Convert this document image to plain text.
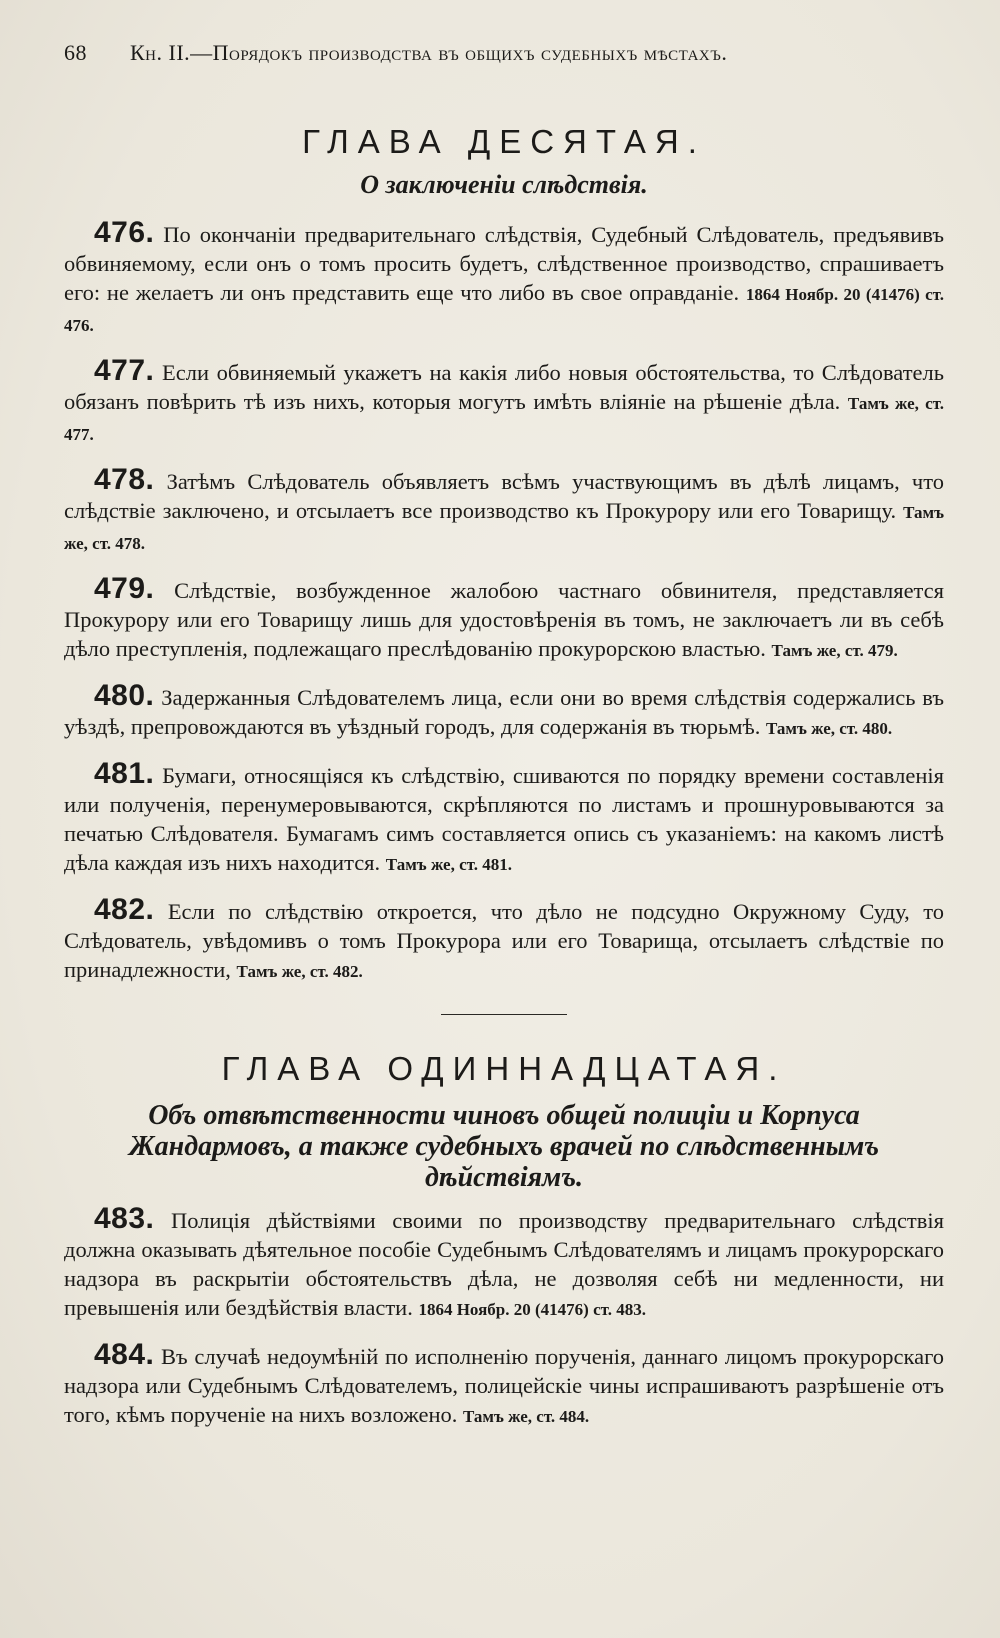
68	Кн. II.—Порядокъ производства въ общихъ судебныхъ мѣстахъ.
ГЛАВА ДЕСЯТАЯ.
О заключенiи слѣдствiя.

476. По окончанiи предварительнаго слѣдствiя, Судебный Слѣдователь, предъявивъ обвиняемому, если онъ о томъ просить будетъ, слѣдственное производство, спрашиваетъ его: не желаетъ ли онъ представить еще что либо въ свое оправданiе. 1864 Ноябр. 20 (41476) ст. 476.

477. Если обвиняемый укажетъ на какiя либо новыя обстоятельства, то Слѣдователь обязанъ повѣрить тѣ изъ нихъ, которыя могутъ имѣть влiянiе на рѣшенiе дѣла. Тамъ же, ст. 477.

478. Затѣмъ Слѣдователь объявляетъ всѣмъ участвующимъ въ дѣлѣ лицамъ, что слѣдствiе заключено, и отсылаетъ все производство къ Прокурору или его Товарищу. Тамъ же, ст. 478.

479. Слѣдствiе, возбужденное жалобою частнаго обвинителя, представляется Прокурору или его Товарищу лишь для удостовѣренiя въ томъ, не заключаетъ ли въ себѣ дѣло преступленiя, подлежащаго преслѣдованiю прокурорскою властью. Тамъ же, ст. 479.

480. Задержанныя Слѣдователемъ лица, если они во время слѣдствiя содержались въ уѣздѣ, препровождаются въ уѣздный городъ, для содержанiя въ тюрьмѣ. Тамъ же, ст. 480.

481. Бумаги, относящiяся къ слѣдствiю, сшиваются по порядку времени составленiя или полученiя, перенумеровываются, скрѣпляются по листамъ и прошнуровываются за печатью Слѣдователя. Бумагамъ симъ составляется опись съ указанiемъ: на какомъ листѣ дѣла каждая изъ нихъ находится. Тамъ же, ст. 481.

482. Если по слѣдствiю откроется, что дѣло не подсудно Окружному Суду, то Слѣдователь, увѣдомивъ о томъ Прокурора или его Товарища, отсылаетъ слѣдствiе по принадлежности, Тамъ же, ст. 482.

ГЛАВА ОДИННАДЦАТАЯ.
Объ отвѣтственности чиновъ общей полицiи и Корпуса Жандармовъ, а также судебныхъ врачей по слѣдственнымъ дѣйствiямъ.

483. Полицiя дѣйствiями своими по производству предварительнаго слѣдствiя должна оказывать дѣятельное пособiе Судебнымъ Слѣдователямъ и лицамъ прокурорскаго надзора въ раскрытiи обстоятельствъ дѣла, не дозволяя себѣ ни медленности, ни превышенiя или бездѣйствiя власти. 1864 Ноябр. 20 (41476) ст. 483.

484. Въ случаѣ недоумѣнiй по исполненiю порученiя, даннаго лицомъ прокурорскаго надзора или Судебнымъ Слѣдователемъ, полицейскiе чины испрашиваютъ разрѣшенiе отъ того, кѣмъ порученiе на нихъ возложено. Тамъ же, ст. 484.
